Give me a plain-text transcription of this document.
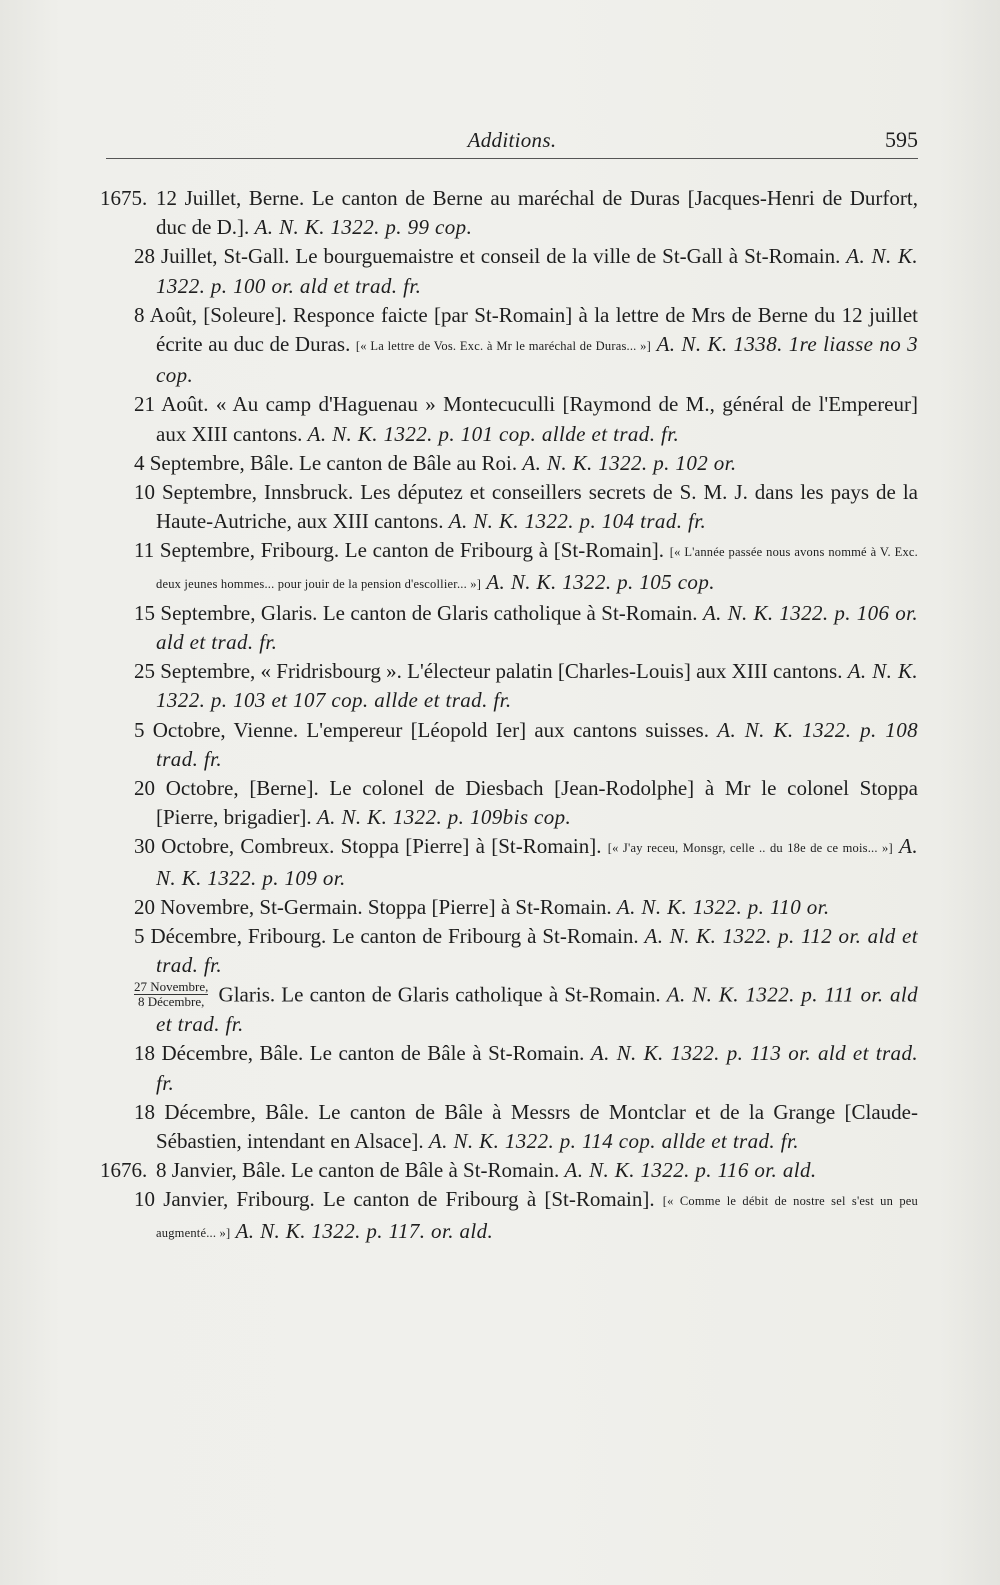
Additions.	595

1675. 12 Juillet, Berne. Le canton de Berne au maréchal de Duras [Jacques-Henri de Durfort, duc de D.]. A. N. K. 1322. p. 99 cop.

28 Juillet, St-Gall. Le bourguemaistre et conseil de la ville de St-Gall à St-Romain. A. N. K. 1322. p. 100 or. ald et trad. fr.

8 Août, [Soleure]. Responce faicte [par St-Romain] à la lettre de Mrs de Berne du 12 juillet écrite au duc de Duras. [« La lettre de Vos. Exc. à Mr le maréchal de Duras... »] A. N. K. 1338. 1re liasse no 3 cop.

21 Août. « Au camp d'Haguenau » Montecuculli [Raymond de M., général de l'Empereur] aux XIII cantons. A. N. K. 1322. p. 101 cop. allde et trad. fr.

4 Septembre, Bâle. Le canton de Bâle au Roi. A. N. K. 1322. p. 102 or.

10 Septembre, Innsbruck. Les députez et conseillers secrets de S. M. J. dans les pays de la Haute-Autriche, aux XIII cantons. A. N. K. 1322. p. 104 trad. fr.

11 Septembre, Fribourg. Le canton de Fribourg à [St-Romain]. [« L'année passée nous avons nommé à V. Exc. deux jeunes hommes... pour jouir de la pension d'escollier... »] A. N. K. 1322. p. 105 cop.

15 Septembre, Glaris. Le canton de Glaris catholique à St-Romain. A. N. K. 1322. p. 106 or. ald et trad. fr.

25 Septembre, « Fridrisbourg ». L'électeur palatin [Charles-Louis] aux XIII cantons. A. N. K. 1322. p. 103 et 107 cop. allde et trad. fr.

5 Octobre, Vienne. L'empereur [Léopold Ier] aux cantons suisses. A. N. K. 1322. p. 108 trad. fr.

20 Octobre, [Berne]. Le colonel de Diesbach [Jean-Rodolphe] à Mr le colonel Stoppa [Pierre, brigadier]. A. N. K. 1322. p. 109bis cop.

30 Octobre, Combreux. Stoppa [Pierre] à [St-Romain]. [« J'ay receu, Monsgr, celle .. du 18e de ce mois... »] A. N. K. 1322. p. 109 or.

20 Novembre, St-Germain. Stoppa [Pierre] à St-Romain. A. N. K. 1322. p. 110 or.

5 Décembre, Fribourg. Le canton de Fribourg à St-Romain. A. N. K. 1322. p. 112 or. ald et trad. fr.

$\frac{\text{27 Novembre,}}{\text{8 Décembre,}}$ Glaris. Le canton de Glaris catholique à St-Romain. A. N. K. 1322. p. 111 or. ald et trad. fr.

18 Décembre, Bâle. Le canton de Bâle à St-Romain. A. N. K. 1322. p. 113 or. ald et trad. fr.

18 Décembre, Bâle. Le canton de Bâle à Messrs de Montclar et de la Grange [Claude-Sébastien, intendant en Alsace]. A. N. K. 1322. p. 114 cop. allde et trad. fr.

1676. 8 Janvier, Bâle. Le canton de Bâle à St-Romain. A. N. K. 1322. p. 116 or. ald.

10 Janvier, Fribourg. Le canton de Fribourg à [St-Romain]. [« Comme le débit de nostre sel s'est un peu augmenté... »] A. N. K. 1322. p. 117. or. ald.
